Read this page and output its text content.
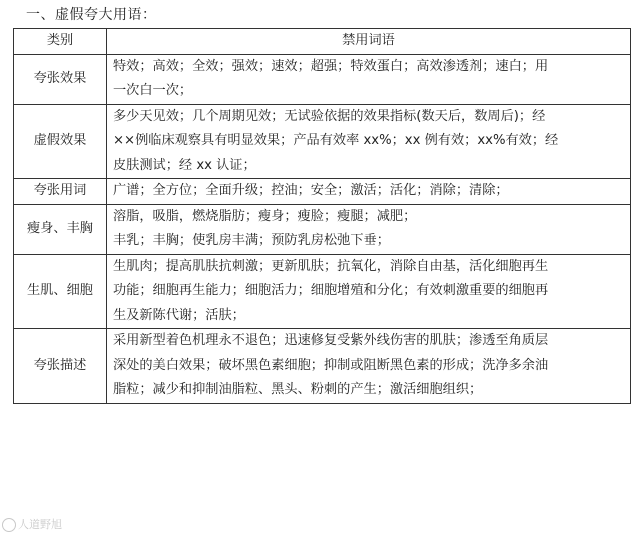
一、虚假夸大用语：
类别	禁用词语
夸张效果	特效；高效；全效；强效；速效；超强；特效蛋白；高效渗透剂；速白；用
一次白一次；

虚假效果	多少天见效；几个周期见效；无试验依据的效果指标(数天后，数周后)；经
××例临床观察具有明显效果；产品有效率 xx%；xx 例有效；xx%有效；经
皮肤测试；经 xx 认证；

夸张用词	广谱；全方位；全面升级；控油；安全；激活；活化；消除；清除；

瘦身、丰胸	溶脂，吸脂，燃烧脂肪；瘦身；瘦脸；瘦腿；减肥；
丰乳；丰胸；使乳房丰满；预防乳房松弛下垂；

生肌、细胞	生肌肉；提高肌肤抗刺激；更新肌肤；抗氧化，消除自由基，活化细胞再生
功能；细胞再生能力；细胞活力；细胞增殖和分化；有效刺激重要的细胞再
生及新陈代谢；活肤；

夸张描述	采用新型着色机理永不退色；迅速修复受紫外线伤害的肌肤；渗透至角质层
深处的美白效果；破坏黑色素细胞；抑制或阻断黑色素的形成；洗净多余油
脂粒；减少和抑制油脂粒、黑头、粉刺的产生；激活细胞组织；
人道野旭
